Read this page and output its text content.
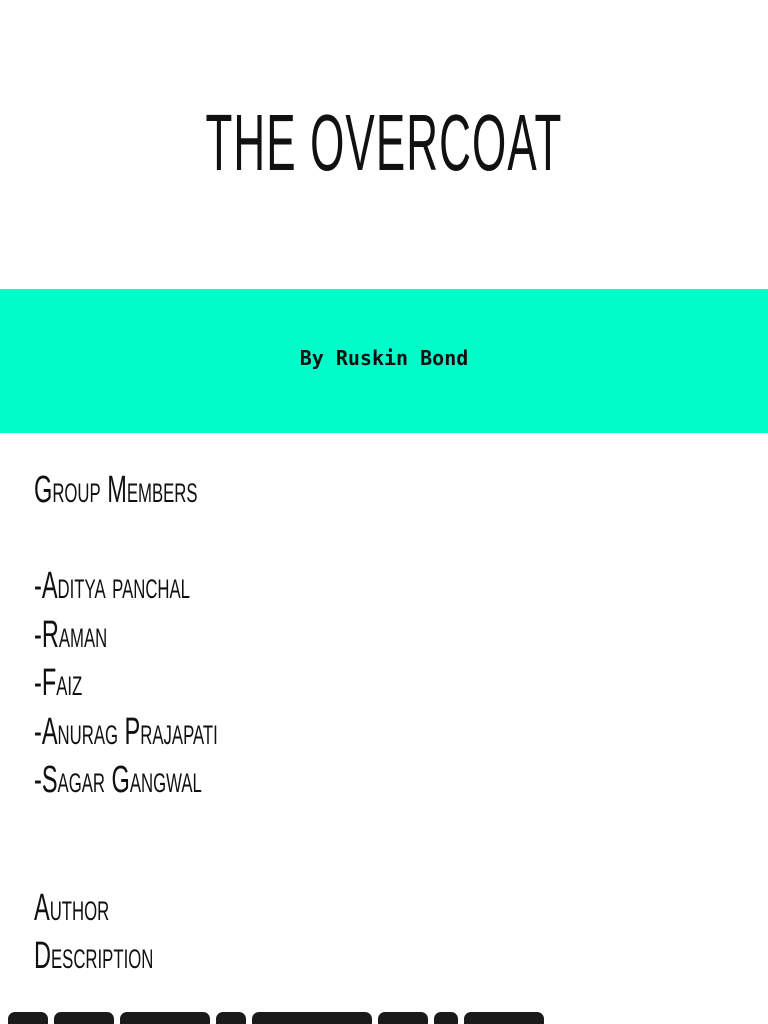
THE OVERCOAT
By Ruskin Bond
Group Members
-Aditya panchal
-Raman
-Faiz
-Anurag Prajapati
-Sagar Gangwal
Author
Description
